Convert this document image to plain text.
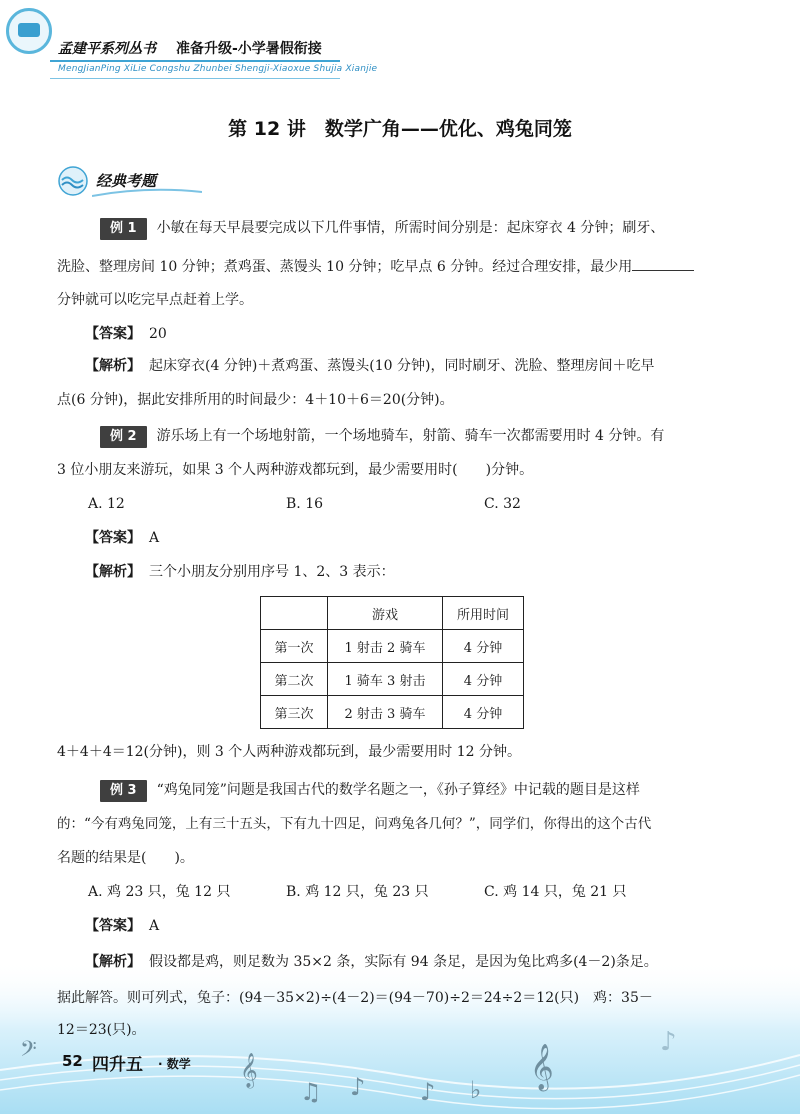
孟建平系列丛书 准备升级-小学暑假衔接
MengJianPing XiLie Congshu Zhunbei Shengji-Xiaoxue Shujia Xianjie
第 12 讲　数学广角——优化、鸡兔同笼
经典考题
例 1 小敏在每天早晨要完成以下几件事情，所需时间分别是：起床穿衣 4 分钟；刷牙、
洗脸、整理房间 10 分钟；煮鸡蛋、蒸馒头 10 分钟；吃早点 6 分钟。经过合理安排，最少用
分钟就可以吃完早点赶着上学。
【答案】 20
【解析】 起床穿衣(4 分钟)＋煮鸡蛋、蒸馒头(10 分钟)，同时刷牙、洗脸、整理房间＋吃早
点(6 分钟)，据此安排所用的时间最少：4＋10＋6＝20(分钟)。
例 2 游乐场上有一个场地射箭，一个场地骑车，射箭、骑车一次都需要用时 4 分钟。有
3 位小朋友来游玩，如果 3 个人两种游戏都玩到，最少需要用时(　　)分钟。
A. 12	B. 16	C. 32
【答案】 A
【解析】 三个小朋友分别用序号 1、2、3 表示：
	游戏	所用时间
第一次	1 射击 2 骑车	4 分钟
第二次	1 骑车 3 射击	4 分钟
第三次	2 射击 3 骑车	4 分钟
4＋4＋4＝12(分钟)，则 3 个人两种游戏都玩到，最少需要用时 12 分钟。
例 3 “鸡兔同笼”问题是我国古代的数学名题之一，《孙子算经》中记载的题目是这样
的：“今有鸡兔同笼，上有三十五头，下有九十四足，问鸡兔各几何？”，同学们，你得出的这个古代
名题的结果是(　　)。
A. 鸡 23 只，兔 12 只	B. 鸡 12 只，兔 23 只	C. 鸡 14 只，兔 21 只
【答案】 A
𝄞	𝄞
♫ ♪ ♪ ♭
♪
𝄢
【解析】 假设都是鸡，则足数为 35×2 条，实际有 94 条足，是因为兔比鸡多(4－2)条足。
据此解答。则可列式，兔子：(94－35×2)÷(4－2)＝(94－70)÷2＝24÷2＝12(只)　鸡：35－
12＝23(只)。
52 四升五 · 数学
